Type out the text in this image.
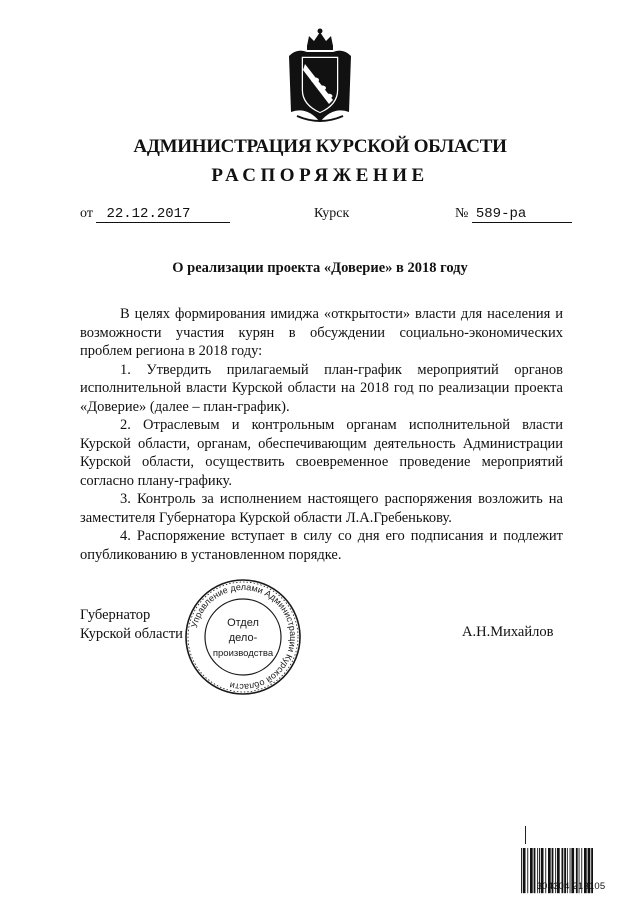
АДМИНИСТРАЦИЯ КУРСКОЙ ОБЛАСТИ
РАСПОРЯЖЕНИЕ
от 22.12.2017	Курск	№ 589-ра
О реализации проекта «Доверие» в 2018 году

В целях формирования имиджа «открытости» власти для населения и возможности участия курян в обсуждении социально-экономических проблем региона в 2018 году:

1. Утвердить прилагаемый план-график мероприятий органов исполнительной власти Курской области на 2018 год по реализации проекта «Доверие» (далее – план-график).

2. Отраслевым и контрольным органам исполнительной власти Курской области, органам, обеспечивающим деятельность Администрации Курской области, осуществить своевременное проведение мероприятий согласно плану-графику.

3. Контроль за исполнением настоящего распоряжения возложить на заместителя Губернатора Курской области Л.А.Гребенькову.

4. Распоряжение вступает в силу со дня его подписания и подлежит опубликованию в установленном порядке.

Губернатор
Курской области	А.Н.Михайлов
Управление делами Администрации Курской области
Отдел
дело-
производства
304304 213105
